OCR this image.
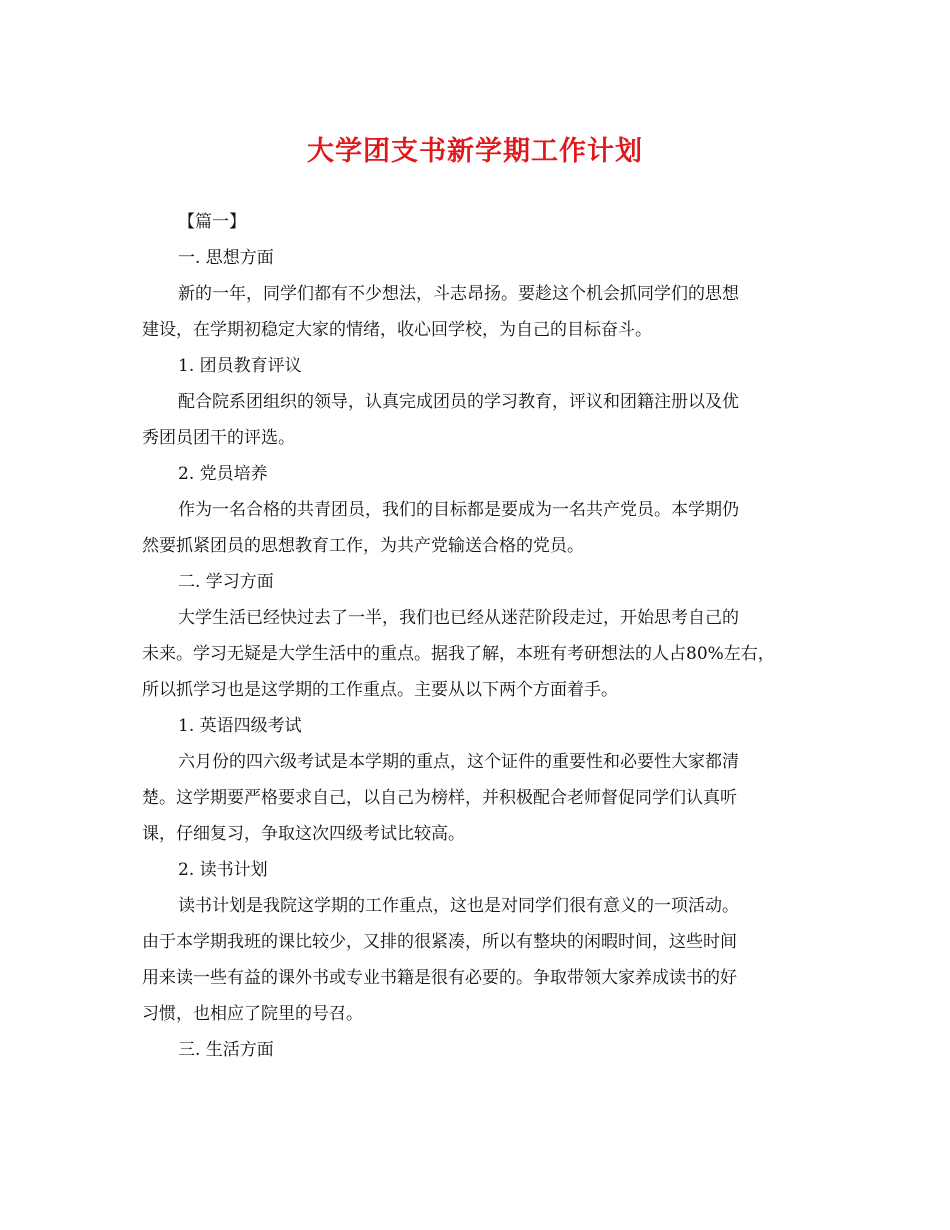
大学团支书新学期工作计划
【篇一】
一. 思想方面
新的一年，同学们都有不少想法，斗志昂扬。要趁这个机会抓同学们的思想
建设，在学期初稳定大家的情绪，收心回学校，为自己的目标奋斗。
1. 团员教育评议
配合院系团组织的领导，认真完成团员的学习教育，评议和团籍注册以及优
秀团员团干的评选。
2. 党员培养
作为一名合格的共青团员，我们的目标都是要成为一名共产党员。本学期仍
然要抓紧团员的思想教育工作，为共产党输送合格的党员。
二. 学习方面
大学生活已经快过去了一半，我们也已经从迷茫阶段走过，开始思考自己的
未来。学习无疑是大学生活中的重点。据我了解，本班有考研想法的人占80%左右，
所以抓学习也是这学期的工作重点。主要从以下两个方面着手。
1. 英语四级考试
六月份的四六级考试是本学期的重点，这个证件的重要性和必要性大家都清
楚。这学期要严格要求自己，以自己为榜样，并积极配合老师督促同学们认真听
课，仔细复习，争取这次四级考试比较高。
2. 读书计划
读书计划是我院这学期的工作重点，这也是对同学们很有意义的一项活动。
由于本学期我班的课比较少，又排的很紧凑，所以有整块的闲暇时间，这些时间
用来读一些有益的课外书或专业书籍是很有必要的。争取带领大家养成读书的好
习惯，也相应了院里的号召。
三. 生活方面
